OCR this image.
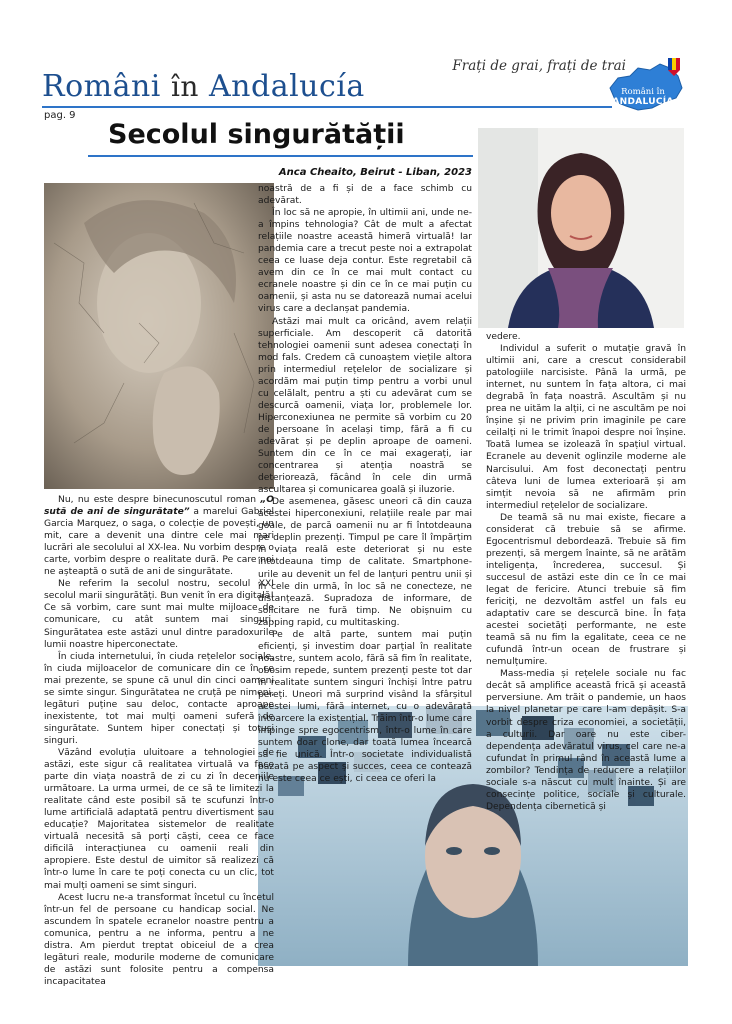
Români în Andalucía
Frați de grai, frați de trai
pag. 9
Români în
ANDALUCÍA
Secolul singurătății
Anca Cheaito, Beirut - Liban, 2023

Nu, nu este despre binecunoscutul roman „O sută de ani de singurătate” a marelui Gabriel Garcia Marquez, o saga, o colecție de povești, un mit, care a devenit una dintre cele mai mari lucrări ale secolului al XX-lea. Nu vorbim despre o carte, vorbim despre o realitate durã. Pe care noi ne așteaptă o sută de ani de singurătate.

Ne referim la secolul nostru, secolul XXI secolul marii singurătăți. Bun venit în era digitală! Ce să vorbim, care sunt mai multe mijloace de comunicare, cu atât suntem mai singuri. Singurătatea este astăzi unul dintre paradoxurile lumii noastre hiperconectate.

În ciuda internetului, în ciuda rețelelor sociale, în ciuda mijloacelor de comunicare din ce în ce mai prezente, se spune că unul din cinci oameni se simte singur. Singurătatea ne cruță pe nimeni, legături puține sau deloc, contacte aproape inexistente, tot mai mulți oameni suferă de singurătate. Suntem hiper conectați și totuși singuri.

Văzând evoluția uluitoare a tehnologiei de astăzi, este sigur că realitatea virtuală va face parte din viața noastră de zi cu zi în deceniile următoare. La urma urmei, de ce să te limitezi la realitate când este posibil să te scufunzi într-o lume artificială adaptată pentru divertisment sau educație? Majoritatea sistemelor de realitate virtuală necesită să porți căști, ceea ce face dificilă interacțiunea cu oamenii reali din apropiere. Este destul de uimitor să realizezi că într-o lume în care te poți conecta cu un clic, tot mai mulți oameni se simt singuri.

Acest lucru ne-a transformat încetul cu încetul într-un fel de persoane cu handicap social. Ne ascundem în spatele ecranelor noastre pentru a comunica, pentru a ne informa, pentru a ne distra. Am pierdut treptat obiceiul de a crea legături reale, modurile moderne de comunicare de astăzi sunt folosite pentru a compensa incapacitatea

noastră de a fi și de a face schimb cu adevărat.

În loc să ne apropie, în ultimii ani, unde ne-a împins tehnologia? Cât de mult a afectat relațiile noastre această himeră virtuală! Iar pandemia care a trecut peste noi a extrapolat ceea ce luase deja contur. Este regretabil că avem din ce în ce mai mult contact cu ecranele noastre și din ce în ce mai puțin cu oamenii, și asta nu se datorează numai acelui virus care a declanșat pandemia.

Astăzi mai mult ca oricând, avem relații superficiale. Am descoperit că datorită tehnologiei oamenii sunt adesea conectați în mod fals. Credem că cunoaștem viețile altora prin intermediul rețelelor de socializare și acordăm mai puțin timp pentru a vorbi unul cu celălalt, pentru a ști cu adevărat cum se descurcă oamenii, viața lor, problemele lor. Hiperconexiunea ne permite să vorbim cu 20 de persoane în același timp, fără a fi cu adevărat și pe deplin aproape de oameni. Suntem din ce în ce mai exagerați, iar concentrarea și atenția noastră se deteriorează, făcând în cele din urmă ascultarea și comunicarea goală și iluzorie.

De asemenea, găsesc uneori că din cauza acestei hiperconexiuni, relațiile reale par mai goale, de parcă oamenii nu ar fi întotdeauna pe deplin prezenți. Timpul pe care îl împărțim în viața reală este deteriorat și nu este întotdeauna timp de calitate. Smartphone-urile au devenit un fel de lanțuri pentru unii și în cele din urmă, în loc să ne conecteze, ne distanțează. Supradoza de informare, de solicitare ne fură timp. Ne obișnuim cu zapping rapid, cu multitasking.

Pe de altă parte, suntem mai puțin eficienți, și investim doar parțial în realitate noastre, suntem acolo, fără să fim în realitate, obosim repede, suntem prezenți peste tot dar în realitate suntem singuri închiși între patru pereți. Uneori mă surprind visând la sfârșitul acestei lumi, fără internet, cu o adevărată întoarcere la existențial. Trăim într-o lume care împinge spre egocentrism, într-o lume în care suntem doar clone, dar toată lumea încearcă să fie unică. Într-o societate individualistă bazată pe aspect și succes, ceea ce contează nu este ceea ce ești, ci ceea ce oferi la

vedere.

Individul a suferit o mutație gravă în ultimii ani, care a crescut considerabil patologiile narcisiste. Până la urmă, pe internet, nu suntem în fața altora, ci mai degrabă în fața noastră. Ascultăm și nu prea ne uităm la alții, ci ne ascultăm pe noi înșine și ne privim prin imaginile pe care ceilalți ni le trimit înapoi despre noi înșine. Toată lumea se izolează în spațiul virtual. Ecranele au devenit oglinzile moderne ale Narcisului. Am fost deconectați pentru câteva luni de lumea exterioară și am simțit nevoia să ne afirmăm prin intermediul rețelelor de socializare.

De teamă să nu mai existe, fiecare a considerat că trebuie să se afirme. Egocentrismul debordează. Trebuie să fim prezenți, să mergem înainte, să ne arătăm inteligența, încrederea, succesul. Și succesul de astăzi este din ce în ce mai legat de fericire. Atunci trebuie să fim fericiți, ne dezvoltăm astfel un fals eu adaptativ care se descurcă bine. În fața acestei societăți performante, ne este teamă să nu fim la egalitate, ceea ce ne cufundă într-un ocean de frustrare și nemulțumire.

Mass-media și rețelele sociale nu fac decât să amplifice această frică și această perversiune. Am trăit o pandemie, un haos la nivel planetar pe care l-am depășit. S-a vorbit despre criza economiei, a societății, a culturii. Dar oare nu este ciber- dependența adevăratul virus, cel care ne-a cufundat în primul rând în această lume a zombilor? Tendința de reducere a relațiilor sociale s-a născut cu mult înainte. Și are consecințe politice, sociale și culturale. Dependența cibernetică și
